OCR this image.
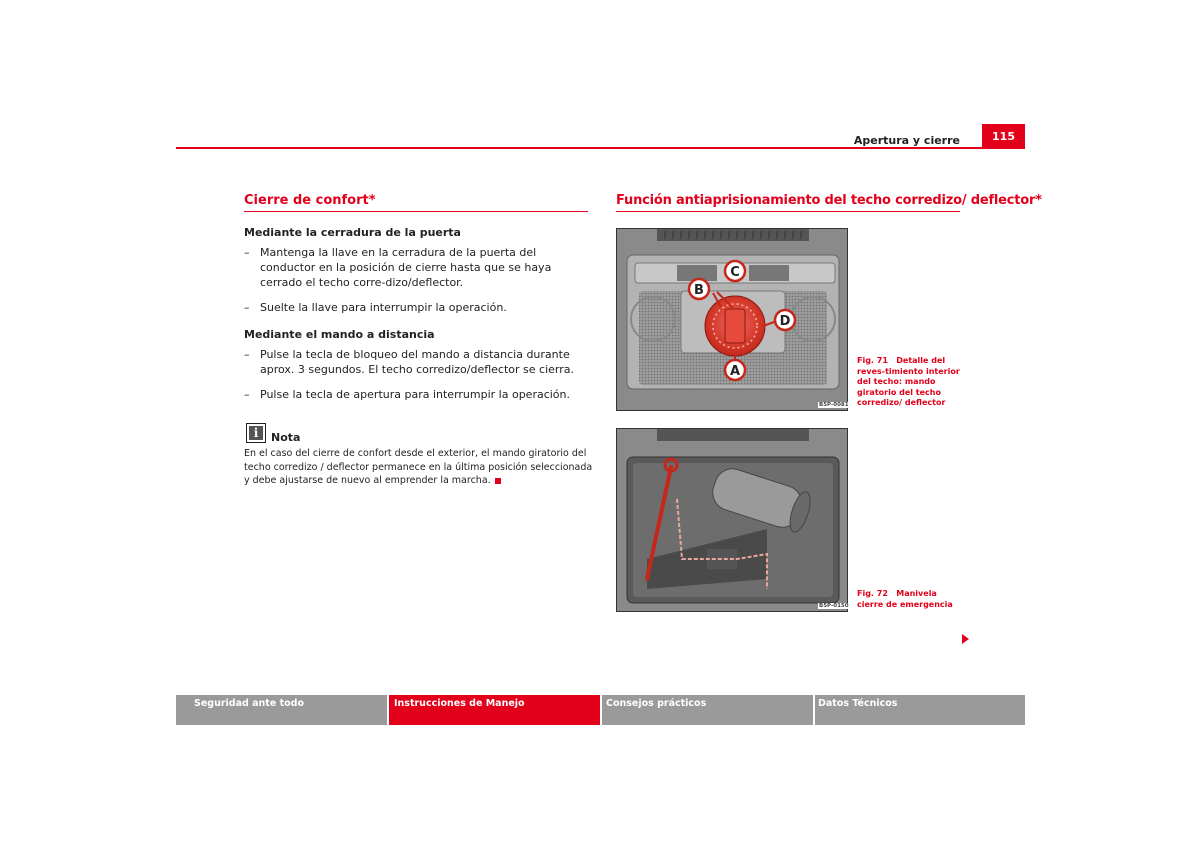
Apertura y cierre	115
Cierre de confort*
Mediante la cerradura de la puerta
– Mantenga la llave en la cerradura de la puerta del conductor en la posición de cierre hasta que se haya cerrado el techo corre-dizo/deflector.
– Suelte la llave para interrumpir la operación.
Mediante el mando a distancia
– Pulse la tecla de bloqueo del mando a distancia durante aprox. 3 segundos. El techo corredizo/deflector se cierra.
– Pulse la tecla de apertura para interrumpir la operación.
i	Nota
En el caso del cierre de confort desde el exterior, el mando giratorio del techo corredizo / deflector permanece en la última posición seleccionada y debe ajustarse de nuevo al emprender la marcha.
Función antiaprisionamiento del techo corredizo/ deflector*
C
B
D
A
B5P-0081
Fig. 71 Detalle del reves-timiento interior del techo: mando giratorio del techo corredizo/ deflector
B5P-0150
Fig. 72 Manivela cierre de emergencia
Seguridad ante todo	Instrucciones de Manejo	Consejos prácticos	Datos Técnicos
